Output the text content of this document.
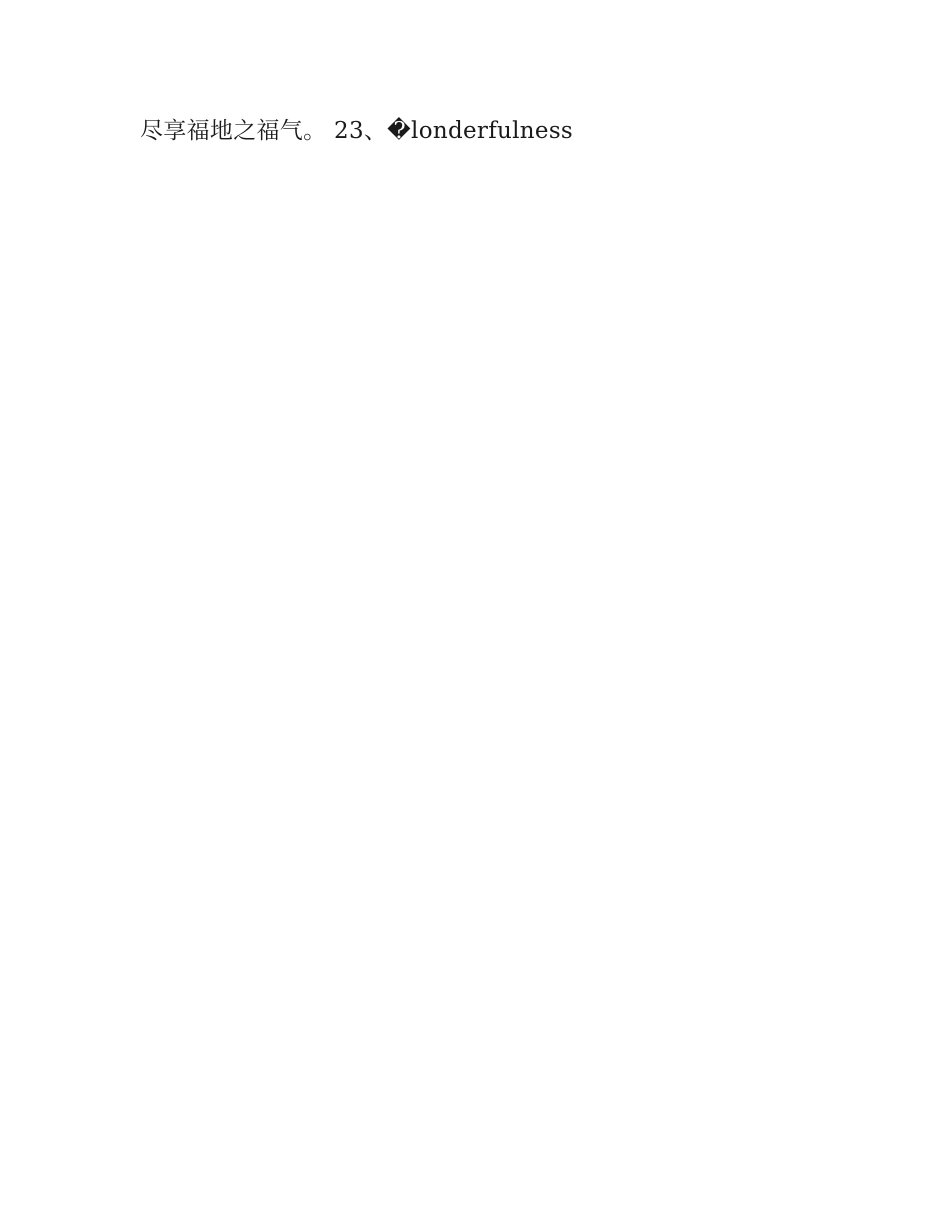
尽享福地之福气。 23、�londerfulness
